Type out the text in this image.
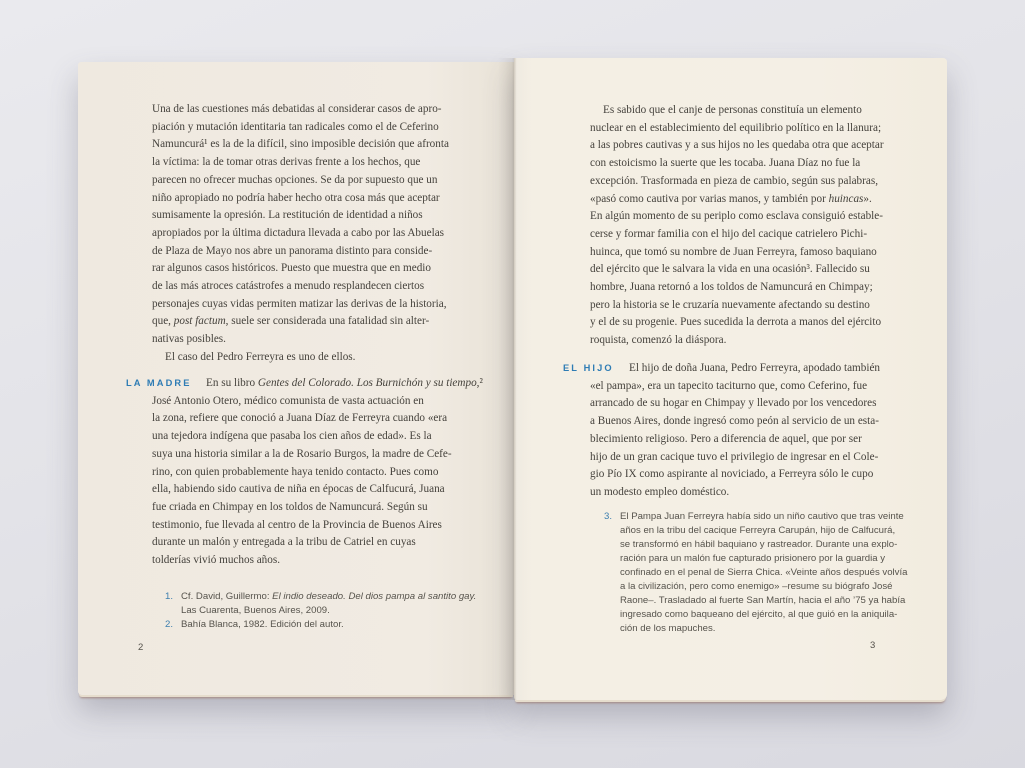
Una de las cuestiones más debatidas al considerar casos de apro-
piación y mutación identitaria tan radicales como el de Ceferino
Namuncurá¹ es la de la difícil, sino imposible decisión que afronta
la víctima: la de tomar otras derivas frente a los hechos, que
parecen no ofrecer muchas opciones. Se da por supuesto que un
niño apropiado no podría haber hecho otra cosa más que aceptar
sumisamente la opresión. La restitución de identidad a niños
apropiados por la última dictadura llevada a cabo por las Abuelas
de Plaza de Mayo nos abre un panorama distinto para conside-
rar algunos casos históricos. Puesto que muestra que en medio
de las más atroces catástrofes a menudo resplandecen ciertos
personajes cuyas vidas permiten matizar las derivas de la historia,
que, post factum, suele ser considerada una fatalidad sin alter-
nativas posibles.
El caso del Pedro Ferreyra es uno de ellos.
LA MADRE	En su libro Gentes del Colorado. Los Burnichón y su tiempo,²
José Antonio Otero, médico comunista de vasta actuación en
la zona, refiere que conoció a Juana Díaz de Ferreyra cuando «era
una tejedora indígena que pasaba los cien años de edad». Es la
suya una historia similar a la de Rosario Burgos, la madre de Cefe-
rino, con quien probablemente haya tenido contacto. Pues como
ella, habiendo sido cautiva de niña en épocas de Calfucurá, Juana
fue criada en Chimpay en los toldos de Namuncurá. Según su
testimonio, fue llevada al centro de la Provincia de Buenos Aires
durante un malón y entregada a la tribu de Catriel en cuyas
tolderías vivió muchos años.
1. Cf. David, Guillermo: El indio deseado. Del dios pampa al santito gay.
Las Cuarenta, Buenos Aires, 2009.
2. Bahía Blanca, 1982. Edición del autor.
2
Es sabido que el canje de personas constituía un elemento
nuclear en el establecimiento del equilibrio político en la llanura;
a las pobres cautivas y a sus hijos no les quedaba otra que aceptar
con estoicismo la suerte que les tocaba. Juana Díaz no fue la
excepción. Trasformada en pieza de cambio, según sus palabras,
«pasó como cautiva por varias manos, y también por huincas».
En algún momento de su periplo como esclava consiguió estable-
cerse y formar familia con el hijo del cacique catrielero Pichi-
huinca, que tomó su nombre de Juan Ferreyra, famoso baquiano
del ejército que le salvara la vida en una ocasión³. Fallecido su
hombre, Juana retornó a los toldos de Namuncurá en Chimpay;
pero la historia se le cruzaría nuevamente afectando su destino
y el de su progenie. Pues sucedida la derrota a manos del ejército
roquista, comenzó la diáspora.
EL HIJO	El hijo de doña Juana, Pedro Ferreyra, apodado también
«el pampa», era un tapecito taciturno que, como Ceferino, fue
arrancado de su hogar en Chimpay y llevado por los vencedores
a Buenos Aires, donde ingresó como peón al servicio de un esta-
blecimiento religioso. Pero a diferencia de aquel, que por ser
hijo de un gran cacique tuvo el privilegio de ingresar en el Cole-
gio Pío IX como aspirante al noviciado, a Ferreyra sólo le cupo
un modesto empleo doméstico.
3. El Pampa Juan Ferreyra había sido un niño cautivo que tras veinte
años en la tribu del cacique Ferreyra Carupán, hijo de Calfucurá,
se transformó en hábil baquiano y rastreador. Durante una explo-
ración para un malón fue capturado prisionero por la guardia y
confinado en el penal de Sierra Chica. «Veinte años después volvía
a la civilización, pero como enemigo» –resume su biógrafo José
Raone–. Trasladado al fuerte San Martín, hacia el año ’75 ya había
ingresado como baqueano del ejército, al que guió en la aniquila-
ción de los mapuches.
3
